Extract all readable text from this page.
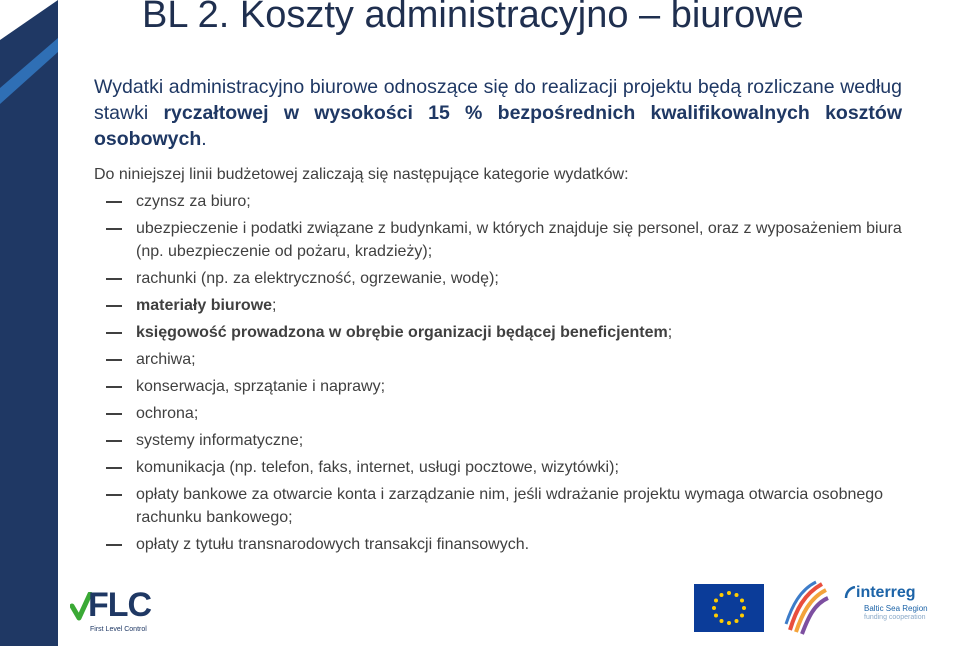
BL 2. Koszty administracyjno – biurowe

Wydatki administracyjno biurowe odnoszące się do realizacji projektu będą rozliczane według stawki ryczałtowej w wysokości 15 % bezpośrednich kwalifikowalnych kosztów osobowych.

Do niniejszej linii budżetowej zaliczają się następujące kategorie wydatków:
czynsz za biuro;
ubezpieczenie i podatki związane z budynkami, w których znajduje się personel, oraz z wyposażeniem biura (np. ubezpieczenie od pożaru, kradzieży);
rachunki (np. za elektryczność, ogrzewanie, wodę);
materiały biurowe;
księgowość prowadzona w obrębie organizacji będącej beneficjentem;
archiwa;
konserwacja, sprzątanie i naprawy;
ochrona;
systemy informatyczne;
komunikacja (np. telefon, faks, internet, usługi pocztowe, wizytówki);
opłaty bankowe za otwarcie konta i zarządzanie nim, jeśli wdrażanie projektu wymaga otwarcia osobnego rachunku bankowego;
opłaty z tytułu transnarodowych transakcji finansowych.
FLC
First Level Control
interreg
Baltic Sea Region
funding cooperation
